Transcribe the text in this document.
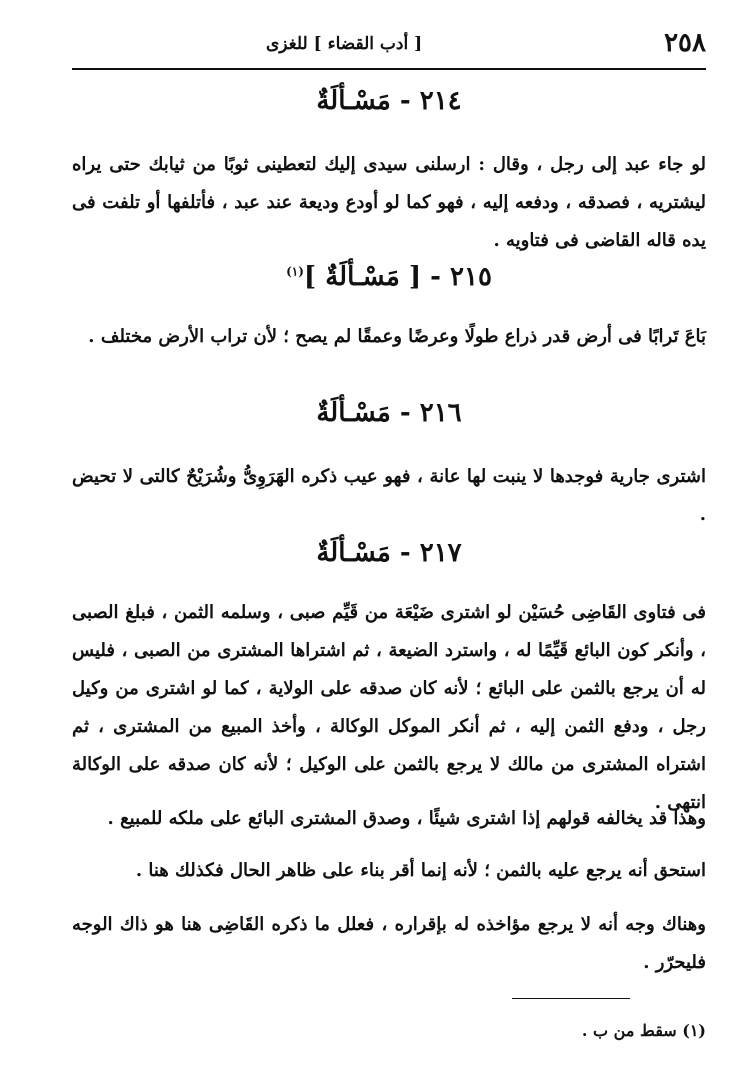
٢٥٨
[ أدب القضاء ] للغزى
٢١٤ - مَسْـألَةٌ
لو جاء عبد إلى رجل ، وقال : ارسلنى سيدى إليك لتعطينى ثوبًا من ثيابك حتى يراه ليشتريه ، فصدقه ، ودفعه إليه ، فهو كما لو أودع وديعة عند عبد ، فأتلفها أو تلفت فى يده قاله القاضى فى فتاويه .
٢١٥ - [ مَسْـألَةٌ ]$^{(١)}$
بَاعَ تَرابًا فى أرض قدر ذراع طولًا وعرضًا وعمقًا لم يصح ؛ لأن تراب الأرض مختلف .
٢١٦ - مَسْـألَةٌ
اشترى جارية فوجدها لا ينبت لها عانة ، فهو عيب ذكره الهَرَوِىُّ وشُرَيْحٌ كالتى لا تحيض .
٢١٧ - مَسْـألَةٌ
فى فتاوى القَاضِى حُسَيْن لو اشترى ضَيْعَة من قَيِّم صبى ، وسلمه الثمن ، فبلغ الصبى ، وأنكر كون البائع قَيِّمًا له ، واسترد الضيعة ، ثم اشتراها المشترى من الصبى ، فليس له أن يرجع بالثمن على البائع ؛ لأنه كان صدقه على الولاية ، كما لو اشترى من وكيل رجل ، ودفع الثمن إليه ، ثم أنكر الموكل الوكالة ، وأخذ المبيع من المشترى ، ثم اشتراه المشترى من مالك لا يرجع بالثمن على الوكيل ؛ لأنه كان صدقه على الوكالة انتهى .
وهذا قد يخالفه قولهم إذا اشترى شيئًا ، وصدق المشترى البائع على ملكه للمبيع .
استحق أنه يرجع عليه بالثمن ؛ لأنه إنما أقر بناء على ظاهر الحال فكذلك هنا .
وهناك وجه أنه لا يرجع مؤاخذه له بإقراره ، فعلل ما ذكره القَاضِى هنا هو ذاك الوجه فليحرّر .
(١) سقط من ب .
